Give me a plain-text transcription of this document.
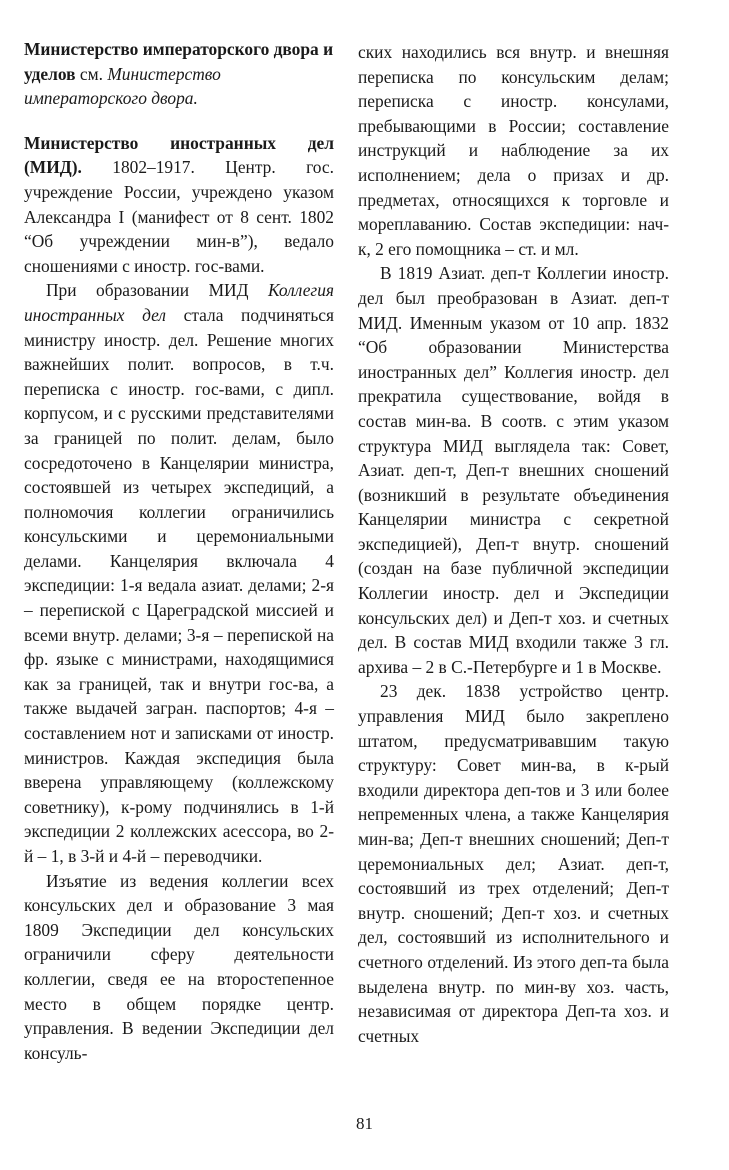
Министерство императорского двора и уделов см. Министерство императорского двора.

Министерство иностранных дел (МИД). 1802–1917. Центр. гос. учреждение России, учреждено указом Александра I (манифест от 8 сент. 1802 “Об учреждении мин-в”), ведало сношениями с иностр. гос-вами.

При образовании МИД Коллегия иностранных дел стала подчиняться министру иностр. дел. Решение многих важнейших полит. вопросов, в т.ч. переписка с иностр. гос-вами, с дипл. корпусом, и с русскими представителями за границей по полит. делам, было сосредоточено в Канцелярии министра, состоявшей из четырех экспедиций, а полномочия коллегии ограничились консульскими и церемониальными делами. Канцелярия включала 4 экспедиции: 1-я ведала азиат. делами; 2-я – перепиской с Цареградской миссией и всеми внутр. делами; 3-я – перепиской на фр. языке с министрами, находящимися как за границей, так и внутри гос-ва, а также выдачей загран. паспортов; 4-я – составлением нот и записками от иностр. министров. Каждая экспедиция была вверена управляющему (коллежскому советнику), к-рому подчинялись в 1-й экспедиции 2 коллежских асессора, во 2-й – 1, в 3-й и 4-й – переводчики.

Изъятие из ведения коллегии всех консульских дел и образование 3 мая 1809 Экспедиции дел консульских ограничили сферу деятельности коллегии, сведя ее на второстепенное место в общем порядке центр. управления. В ведении Экспедиции дел консуль-

ских находились вся внутр. и внешняя переписка по консульским делам; переписка с иностр. консулами, пребывающими в России; составление инструкций и наблюдение за их исполнением; дела о призах и др. предметах, относящихся к торговле и мореплаванию. Состав экспедиции: нач-к, 2 его помощника – ст. и мл.

В 1819 Азиат. деп-т Коллегии иностр. дел был преобразован в Азиат. деп-т МИД. Именным указом от 10 апр. 1832 “Об образовании Министерства иностранных дел” Коллегия иностр. дел прекратила существование, войдя в состав мин-ва. В соотв. с этим указом структура МИД выглядела так: Совет, Азиат. деп-т, Деп-т внешних сношений (возникший в результате объединения Канцелярии министра с секретной экспедицией), Деп-т внутр. сношений (создан на базе публичной экспедиции Коллегии иностр. дел и Экспедиции консульских дел) и Деп-т хоз. и счетных дел. В состав МИД входили также 3 гл. архива – 2 в С.-Петербурге и 1 в Москве.

23 дек. 1838 устройство центр. управления МИД было закреплено штатом, предусматривавшим такую структуру: Совет мин-ва, в к-рый входили директора деп-тов и 3 или более непременных члена, а также Канцелярия мин-ва; Деп-т внешних сношений; Деп-т церемониальных дел; Азиат. деп-т, состоявший из трех отделений; Деп-т внутр. сношений; Деп-т хоз. и счетных дел, состоявший из исполнительного и счетного отделений. Из этого деп-та была выделена внутр. по мин-ву хоз. часть, независимая от директора Деп-та хоз. и счетных

81
